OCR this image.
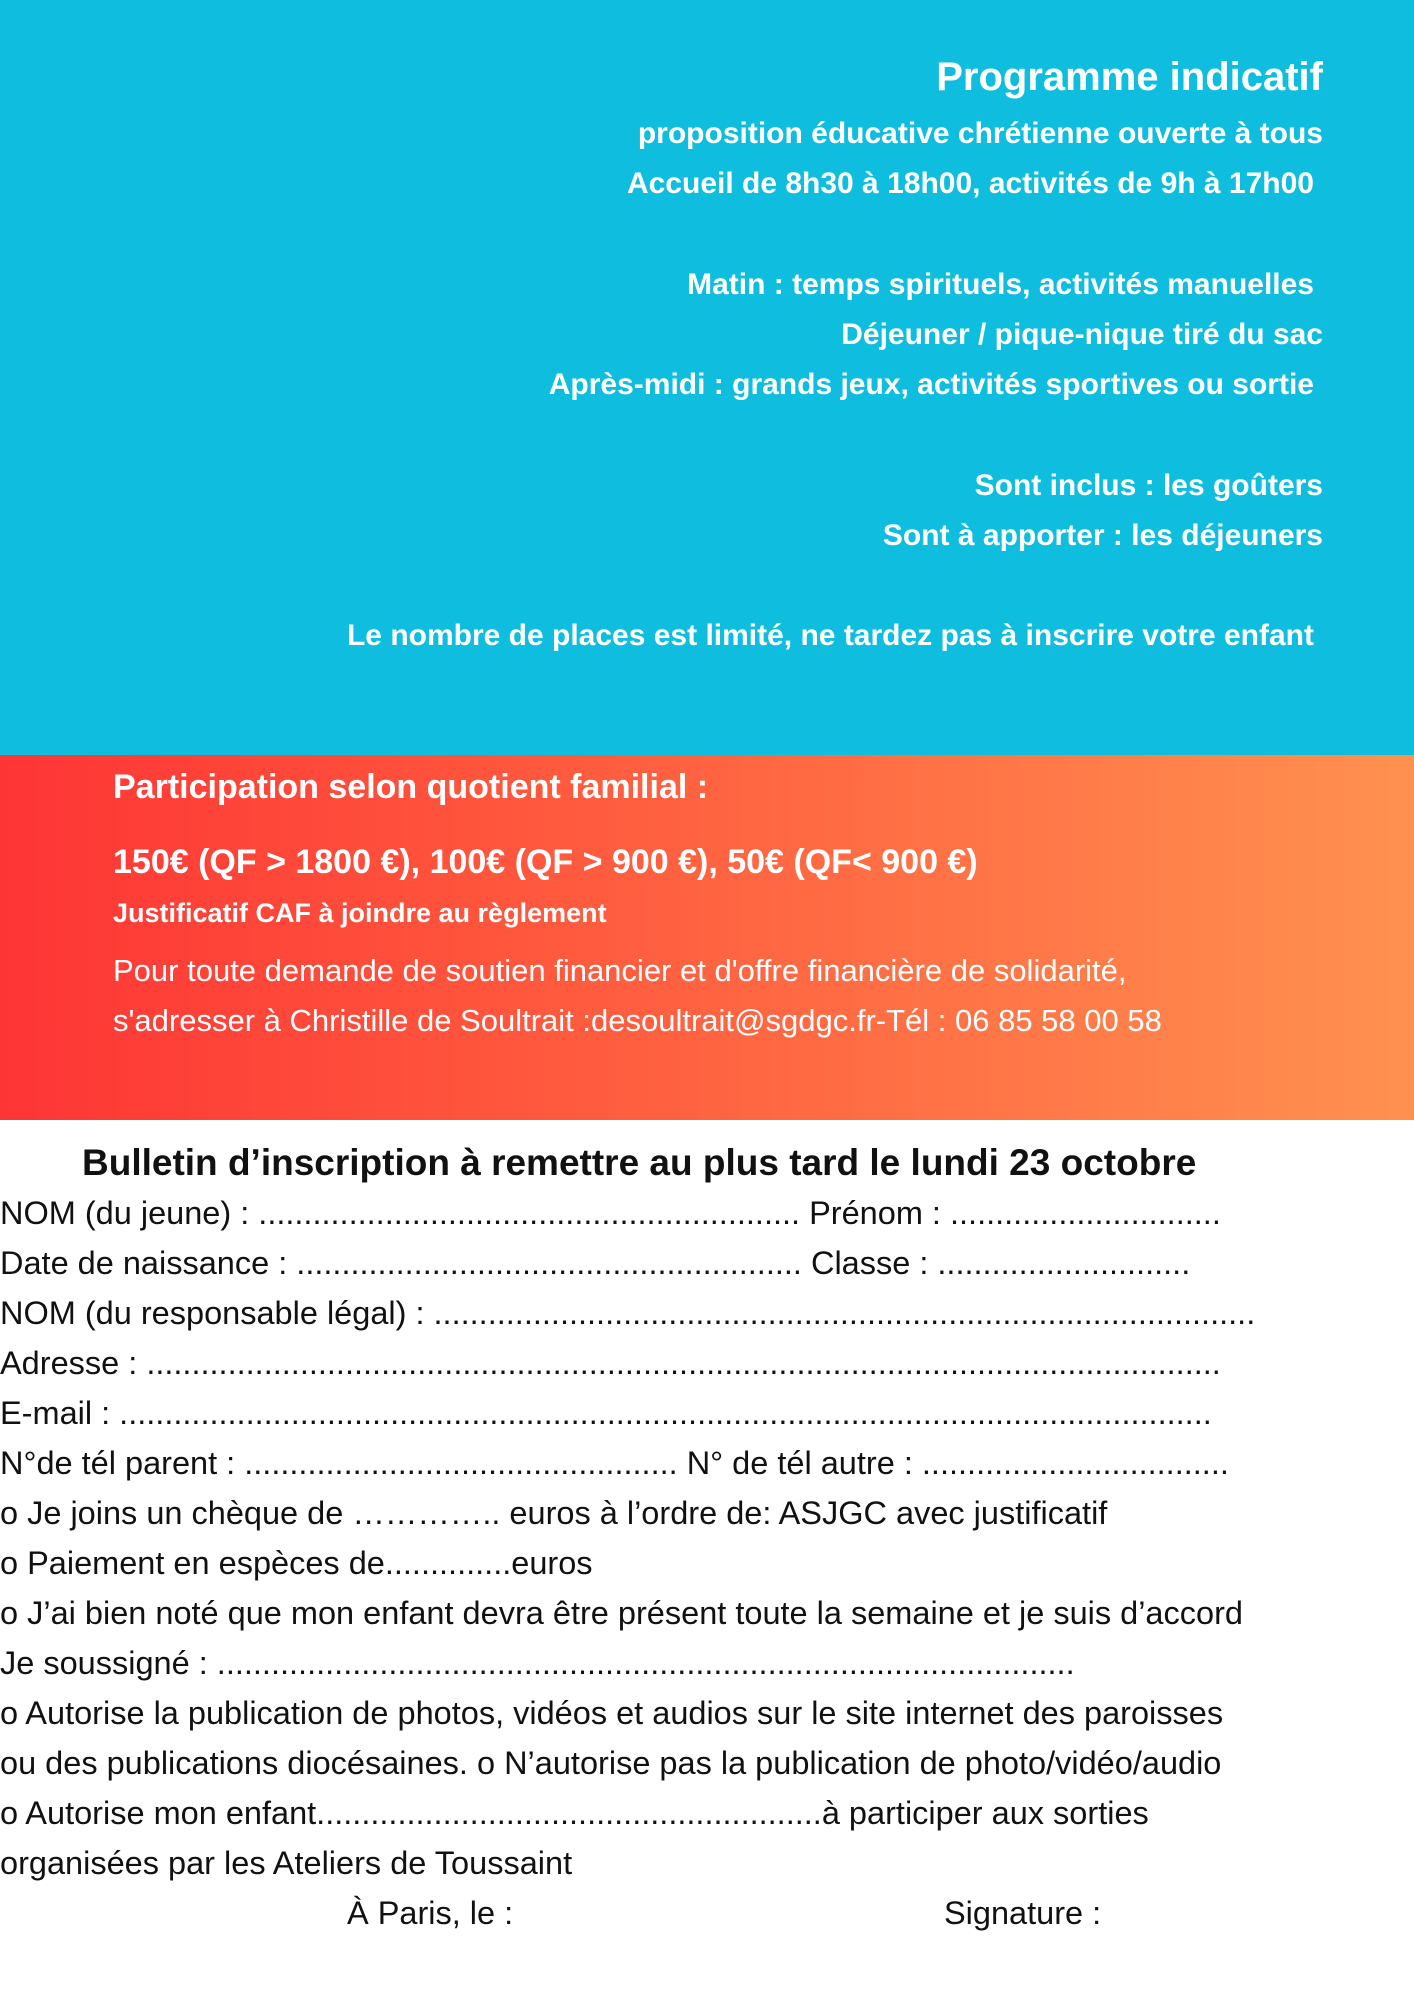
Programme indicatif
proposition éducative chrétienne ouverte à tous
Accueil de 8h30 à 18h00, activités de 9h à 17h00
Matin : temps spirituels, activités manuelles
Déjeuner / pique-nique tiré du sac
Après-midi : grands jeux, activités sportives ou sortie
Sont inclus : les goûters
Sont à apporter : les déjeuners
Le nombre de places est limité, ne tardez pas à inscrire votre enfant
Participation selon quotient familial :
150€ (QF > 1800 €), 100€ (QF > 900 €), 50€ (QF< 900 €)
Justificatif CAF à joindre au règlement
Pour toute demande de soutien financier et d'offre financière de solidarité,
s'adresser à Christille de Soultrait :desoultrait@sgdgc.fr-Tél : 06 85 58 00 58
Bulletin d’inscription à remettre au plus tard le lundi 23 octobre
NOM (du jeune) : ............................................................ Prénom : ..............................
Date de naissance : ........................................................ Classe : ............................
NOM (du responsable légal) : ...........................................................................................
Adresse : .......................................................................................................................
E-mail : .........................................................................................................................
N°de tél parent : ................................................ N° de tél autre : ..................................
o Je joins un chèque de ………….. euros à l’ordre de: ASJGC avec justificatif
o Paiement en espèces de..............euros
o J’ai bien noté que mon enfant devra être présent toute la semaine et je suis d’accord
Je soussigné : ...............................................................................................
o Autorise la publication de photos, vidéos et audios sur le site internet des paroisses
ou des publications diocésaines. o N’autorise pas la publication de photo/vidéo/audio
o Autorise mon enfant........................................................à participer aux sorties
organisées par les Ateliers de Toussaint
À Paris, le :	Signature :
